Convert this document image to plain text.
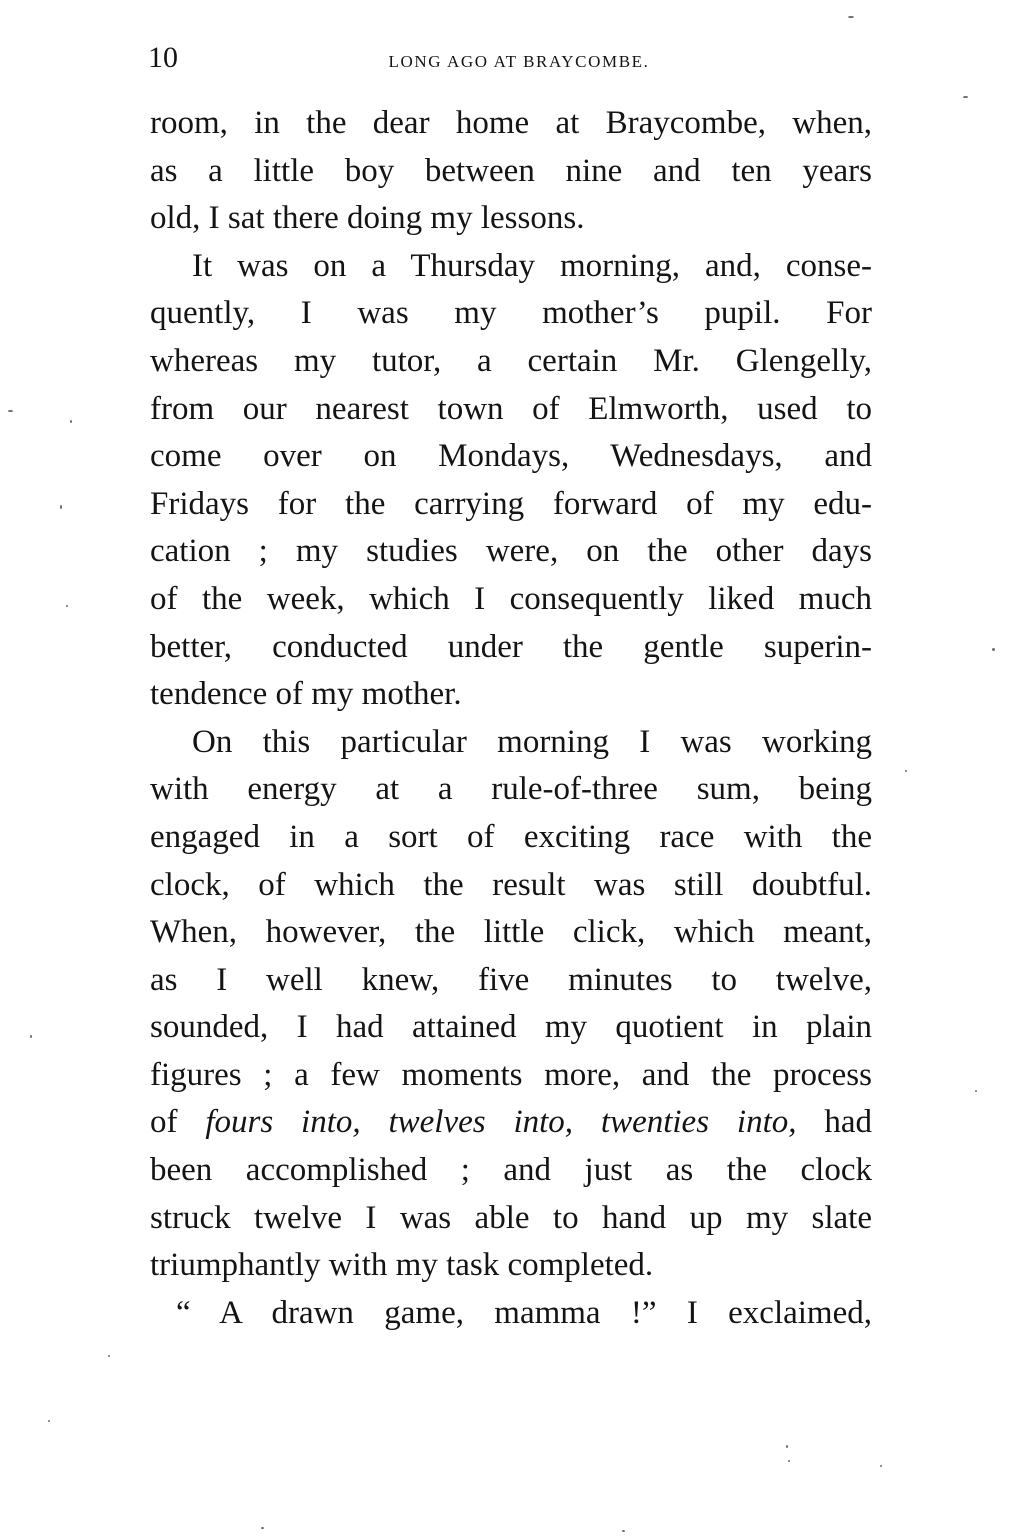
10	LONG AGO AT BRAYCOMBE.
room, in the dear home at Braycombe, when,
as a little boy between nine and ten years
old, I sat there doing my lessons.
It was on a Thursday morning, and, conse-
quently, I was my mother’s pupil. For
whereas my tutor, a certain Mr. Glengelly,
from our nearest town of Elmworth, used to
come over on Mondays, Wednesdays, and
Fridays for the carrying forward of my edu-
cation ; my studies were, on the other days
of the week, which I consequently liked much
better, conducted under the gentle superin-
tendence of my mother.
On this particular morning I was working
with energy at a rule-of-three sum, being
engaged in a sort of exciting race with the
clock, of which the result was still doubtful.
When, however, the little click, which meant,
as I well knew, five minutes to twelve,
sounded, I had attained my quotient in plain
figures ; a few moments more, and the process
of fours into, twelves into, twenties into, had
been accomplished ; and just as the clock
struck twelve I was able to hand up my slate
triumphantly with my task completed.
“ A drawn game, mamma !” I exclaimed,
